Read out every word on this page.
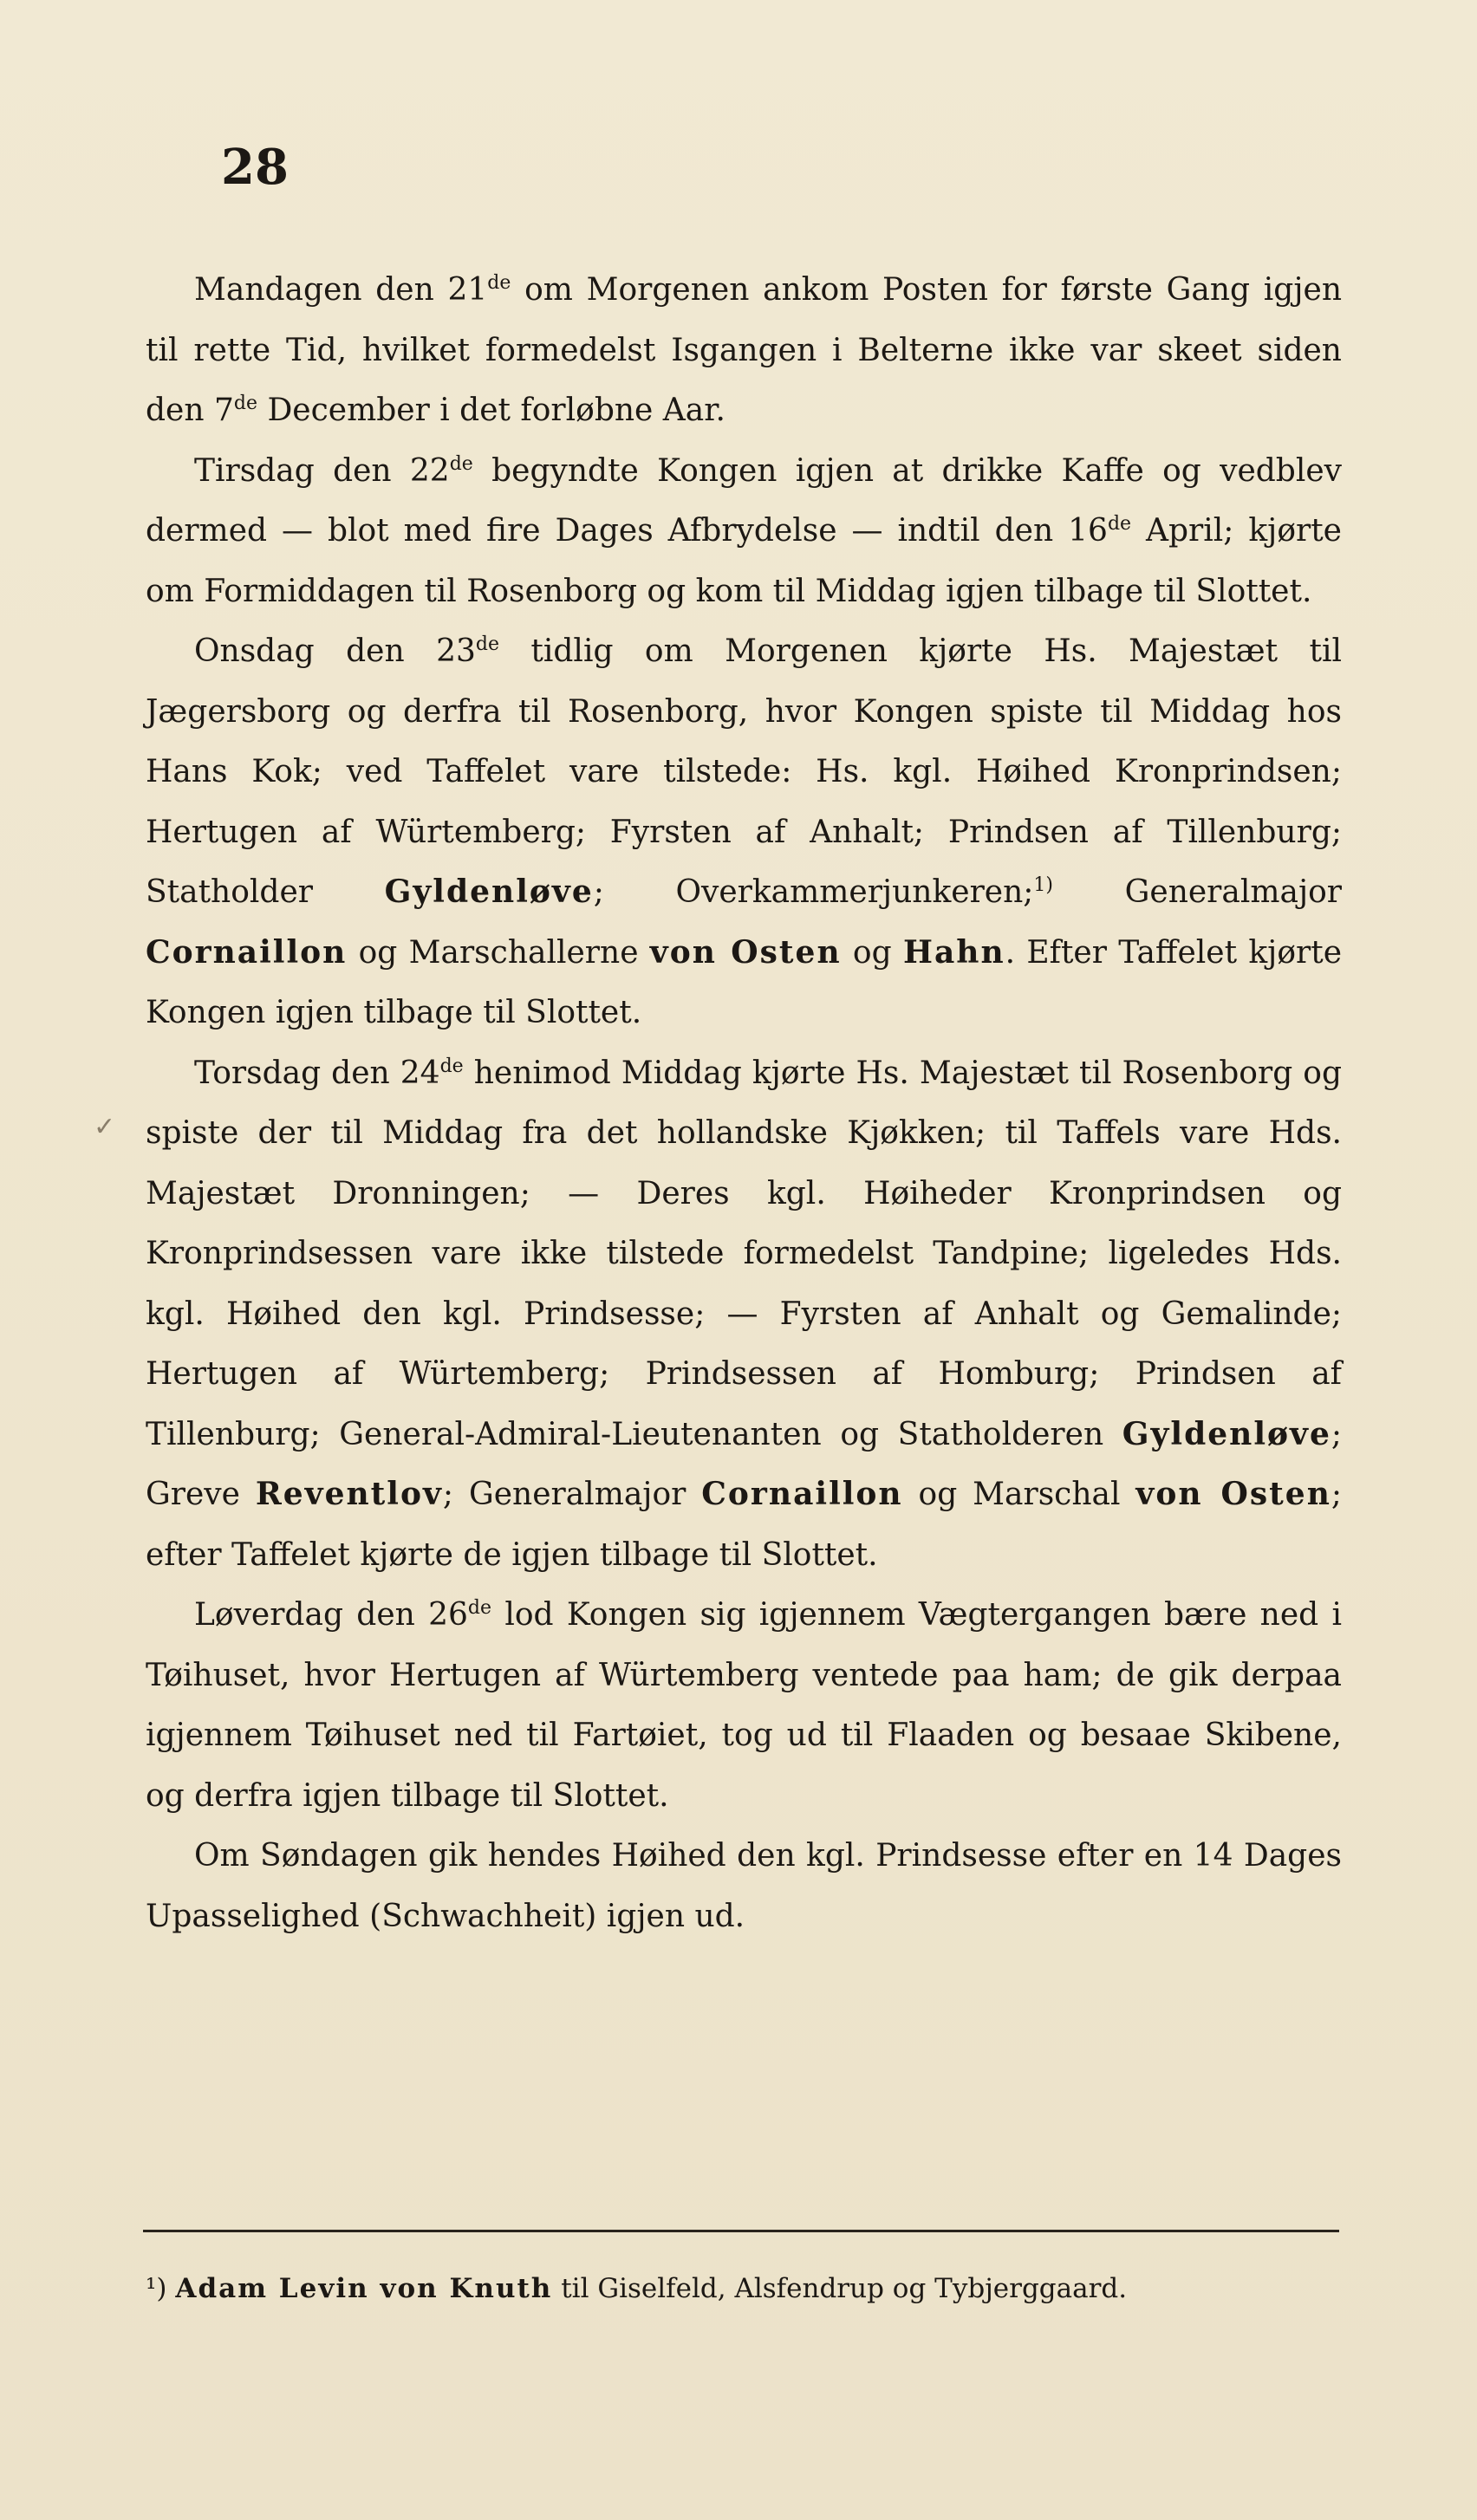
28
✓

Mandagen den 21de om Morgenen ankom Posten for første Gang igjen til rette Tid, hvilket formedelst Isgangen i Belterne ikke var skeet siden den 7de December i det forløbne Aar.

Tirsdag den 22de begyndte Kongen igjen at drikke Kaffe og vedblev dermed — blot med fire Dages Afbrydelse — indtil den 16de April; kjørte om Formiddagen til Rosenborg og kom til Middag igjen tilbage til Slottet.

Onsdag den 23de tidlig om Morgenen kjørte Hs. Majestæt til Jægersborg og derfra til Rosenborg, hvor Kongen spiste til Middag hos Hans Kok; ved Taffelet vare tilstede: Hs. kgl. Høihed Kronprindsen; Hertugen af Würtemberg; Fyrsten af Anhalt; Prindsen af Tillenburg; Statholder Gyldenløve; Overkammerjunkeren;$^{1)}$ Generalmajor Cornaillon og Marschallerne von Osten og Hahn. Efter Taffelet kjørte Kongen igjen tilbage til Slottet.

Torsdag den 24de henimod Middag kjørte Hs. Majestæt til Rosenborg og spiste der til Middag fra det hollandske Kjøkken; til Taffels vare Hds. Majestæt Dronningen; — Deres kgl. Høiheder Kronprindsen og Kronprindsessen vare ikke tilstede formedelst Tandpine; ligeledes Hds. kgl. Høihed den kgl. Prindsesse; — Fyrsten af Anhalt og Gemalinde; Hertugen af Würtemberg; Prindsessen af Homburg; Prindsen af Tillenburg; General-Admiral-Lieutenanten og Statholderen Gyldenløve; Greve Reventlov; Generalmajor Cornaillon og Marschal von Osten; efter Taffelet kjørte de igjen tilbage til Slottet.

Løverdag den 26de lod Kongen sig igjennem Vægtergangen bære ned i Tøihuset, hvor Hertugen af Würtemberg ventede paa ham; de gik derpaa igjennem Tøihuset ned til Fartøiet, tog ud til Flaaden og besaae Skibene, og derfra igjen tilbage til Slottet.

Om Søndagen gik hendes Høihed den kgl. Prindsesse efter en 14 Dages Upasselighed (Schwachheit) igjen ud.

¹) Adam Levin von Knuth til Giselfeld, Alsfendrup og Tybjerggaard.
